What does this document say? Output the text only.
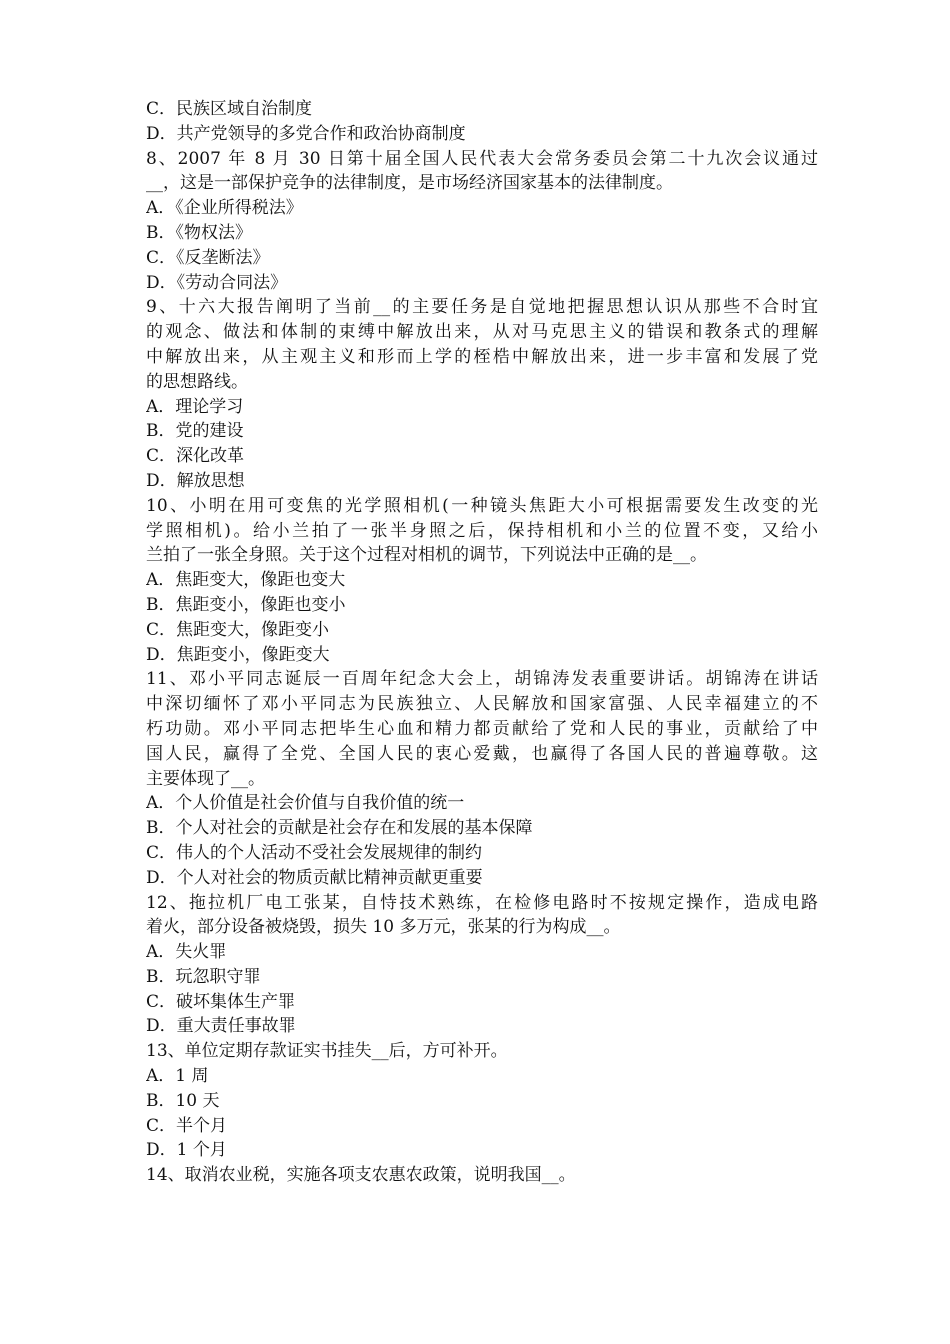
C．民族区域自治制度
D．共产党领导的多党合作和政治协商制度
8、2007 年 8 月 30 日第十届全国人民代表大会常务委员会第二十九次会议通过
__，这是一部保护竞争的法律制度，是市场经济国家基本的法律制度。
A．《企业所得税法》
B．《物权法》
C．《反垄断法》
D．《劳动合同法》
9、十六大报告阐明了当前__的主要任务是自觉地把握思想认识从那些不合时宜
的观念、做法和体制的束缚中解放出来，从对马克思主义的错误和教条式的理解
中解放出来，从主观主义和形而上学的桎梏中解放出来，进一步丰富和发展了党
的思想路线。
A．理论学习
B．党的建设
C．深化改革
D．解放思想
10、小明在用可变焦的光学照相机(一种镜头焦距大小可根据需要发生改变的光
学照相机)。给小兰拍了一张半身照之后，保持相机和小兰的位置不变，又给小
兰拍了一张全身照。关于这个过程对相机的调节，下列说法中正确的是__。
A．焦距变大，像距也变大
B．焦距变小，像距也变小
C．焦距变大，像距变小
D．焦距变小，像距变大
11、邓小平同志诞辰一百周年纪念大会上，胡锦涛发表重要讲话。胡锦涛在讲话
中深切缅怀了邓小平同志为民族独立、人民解放和国家富强、人民幸福建立的不
朽功勋。邓小平同志把毕生心血和精力都贡献给了党和人民的事业，贡献给了中
国人民，赢得了全党、全国人民的衷心爱戴，也赢得了各国人民的普遍尊敬。这
主要体现了__。
A．个人价值是社会价值与自我价值的统一
B．个人对社会的贡献是社会存在和发展的基本保障
C．伟人的个人活动不受社会发展规律的制约
D．个人对社会的物质贡献比精神贡献更重要
12、拖拉机厂电工张某，自恃技术熟练，在检修电路时不按规定操作，造成电路
着火，部分设备被烧毁，损失 10 多万元，张某的行为构成__。
A．失火罪
B．玩忽职守罪
C．破坏集体生产罪
D．重大责任事故罪
13、单位定期存款证实书挂失__后，方可补开。
A．1 周
B．10 天
C．半个月
D．1 个月
14、取消农业税，实施各项支农惠农政策，说明我国__。
